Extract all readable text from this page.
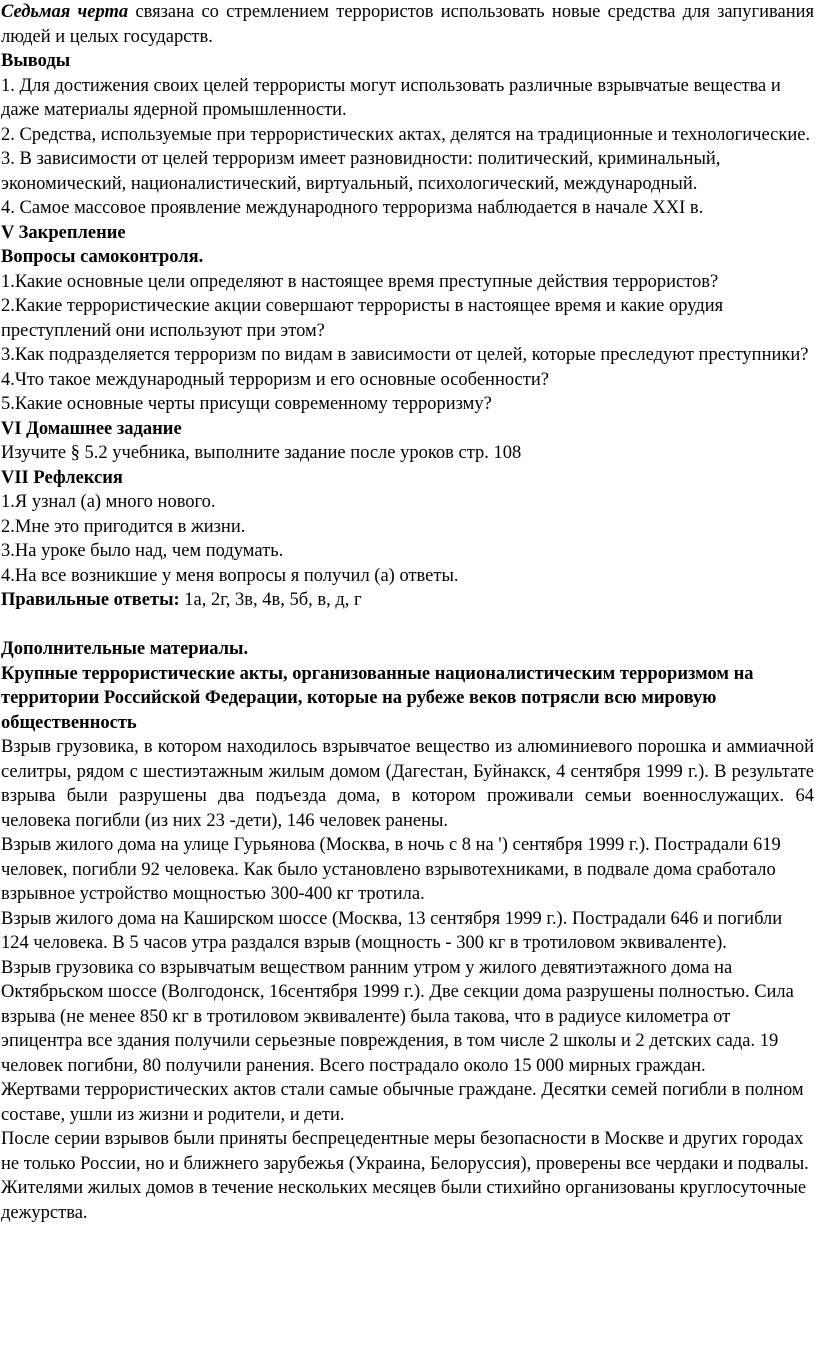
Седьмая черта связана со стремлением террористов использовать новые средства для запугивания людей и целых государств.

Выводы

1. Для достижения своих целей террористы могут использовать различные взрывчатые вещества и даже материалы ядерной промышленности.

2. Средства, используемые при террористических актах, делятся на традиционные и технологические.

3. В зависимости от целей терроризм имеет разновидности: политический, криминальный, экономический, националистический, виртуальный, психологический, международный.

4. Самое массовое проявление международного терроризма наблюдается в начале XXI в.

V Закрепление

Вопросы самоконтроля.

1.Какие основные цели определяют в настоящее время преступные действия террористов?

2.Какие террористические акции совершают террористы в настоящее время и какие орудия преступлений они используют при этом?

3.Как подразделяется терроризм по видам в зависимости от целей, которые преследуют преступники?

4.Что такое международный терроризм и его основные особенности?

5.Какие основные черты присущи современному терроризму?

VI Домашнее задание

Изучите § 5.2 учебника, выполните задание после уроков стр. 108

VII Рефлексия

1.Я узнал (а) много нового.

2.Мне это пригодится в жизни.

3.На уроке было над, чем подумать.

4.На все возникшие у меня вопросы я получил (а) ответы.

Правильные ответы: 1а, 2г, 3в, 4в, 5б, в, д, г

Дополнительные материалы.

Крупные террористические акты, организованные националистическим терроризмом на территории Российской Федерации, которые на рубеже веков потрясли всю мировую общественность

Взрыв грузовика, в котором находилось взрывчатое вещество из алюминиевого порошка и аммиачной селитры, рядом с шестиэтажным жилым домом (Дагестан, Буйнакск, 4 сентября 1999 г.). В результате взрыва были разрушены два подъезда дома, в котором проживали семьи военнослужащих. 64 человека погибли (из них 23 -дети), 146 человек ранены.

Взрыв жилого дома на улице Гурьянова (Москва, в ночь с 8 на ') сентября 1999 г.). Пострадали 619 человек, погибли 92 человека. Как было установлено взрывотехниками, в подвале дома сработало взрывное устройство мощностью 300-400 кг тротила.

Взрыв жилого дома на Каширском шоссе (Москва, 13 сентября 1999 г.). Пострадали 646 и погибли 124 человека. В 5 часов утра раздался взрыв (мощность - 300 кг в тротиловом эквиваленте).

Взрыв грузовика со взрывчатым веществом ранним утром у жилого девятиэтажного дома на Октябрьском шоссе (Волгодонск, 16сентября 1999 г.). Две секции дома разрушены полностью. Сила взрыва (не менее 850 кг в тротиловом эквиваленте) была такова, что в радиусе километра от эпицентра все здания получили серьезные повреждения, в том числе 2 школы и 2 детских сада. 19 человек погибни, 80 получили ранения. Всего пострадало около 15 000 мирных граждан.

Жертвами террористических актов стали самые обычные граждане. Десятки семей погибли в полном составе, ушли из жизни и родители, и дети.

После серии взрывов были приняты беспрецедентные меры безопасности в Москве и других городах не только России, но и ближнего зарубежья (Украина, Белоруссия), проверены все чердаки и подвалы.

Жителями жилых домов в течение нескольких месяцев были стихийно организованы круглосуточные дежурства.
